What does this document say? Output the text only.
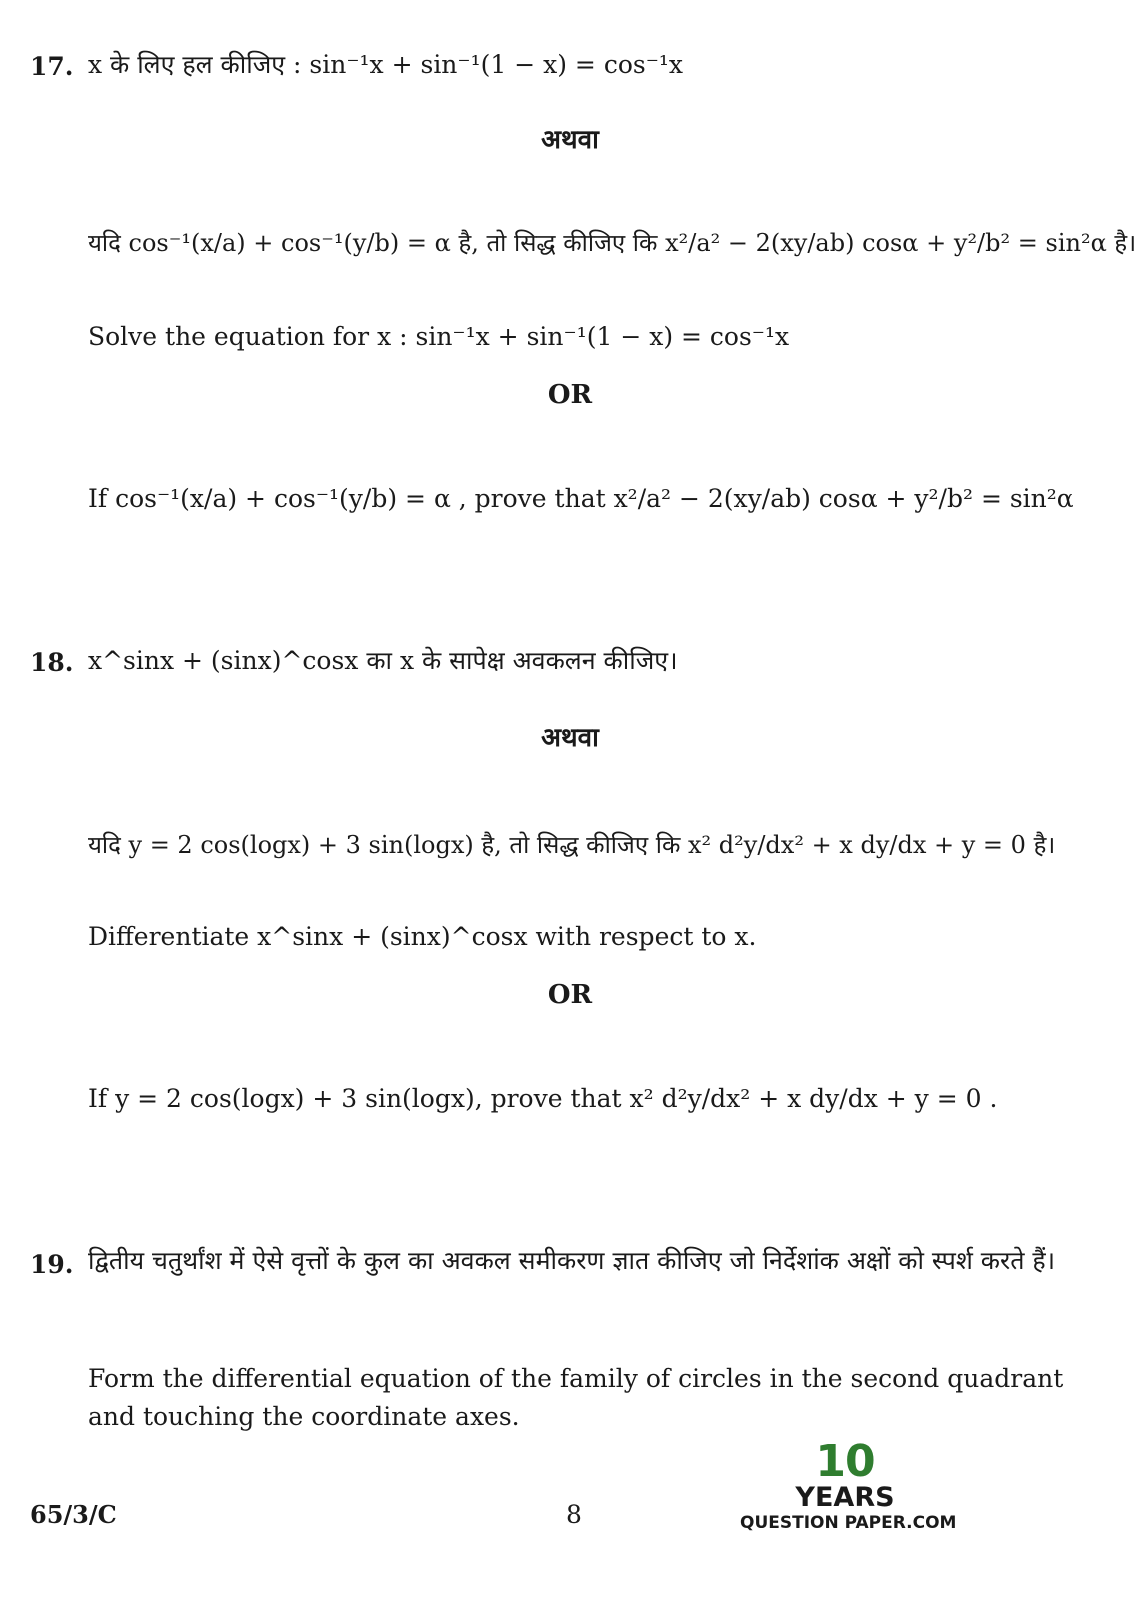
17. x के लिए हल कीजिए : sin⁻¹x + sin⁻¹(1 − x) = cos⁻¹x
अथवा
यदि cos⁻¹(x/a) + cos⁻¹(y/b) = α है, तो सिद्ध कीजिए कि x²/a² − 2(xy/ab) cosα + y²/b² = sin²α है।
Solve the equation for x : sin⁻¹x + sin⁻¹(1 − x) = cos⁻¹x
OR
If cos⁻¹(x/a) + cos⁻¹(y/b) = α , prove that x²/a² − 2(xy/ab) cosα + y²/b² = sin²α
18. x^sinx + (sinx)^cosx का x के सापेक्ष अवकलन कीजिए।
अथवा
यदि y = 2 cos(logx) + 3 sin(logx) है, तो सिद्ध कीजिए कि x² d²y/dx² + x dy/dx + y = 0 है।
Differentiate x^sinx + (sinx)^cosx with respect to x.
OR
If y = 2 cos(logx) + 3 sin(logx), prove that x² d²y/dx² + x dy/dx + y = 0 .
19. द्वितीय चतुर्थांश में ऐसे वृत्तों के कुल का अवकल समीकरण ज्ञात कीजिए जो निर्देशांक अक्षों को स्पर्श करते हैं।
Form the differential equation of the family of circles in the second quadrant and touching the coordinate axes.
65/3/C	8
10
YEARS
QUESTION PAPER.COM
